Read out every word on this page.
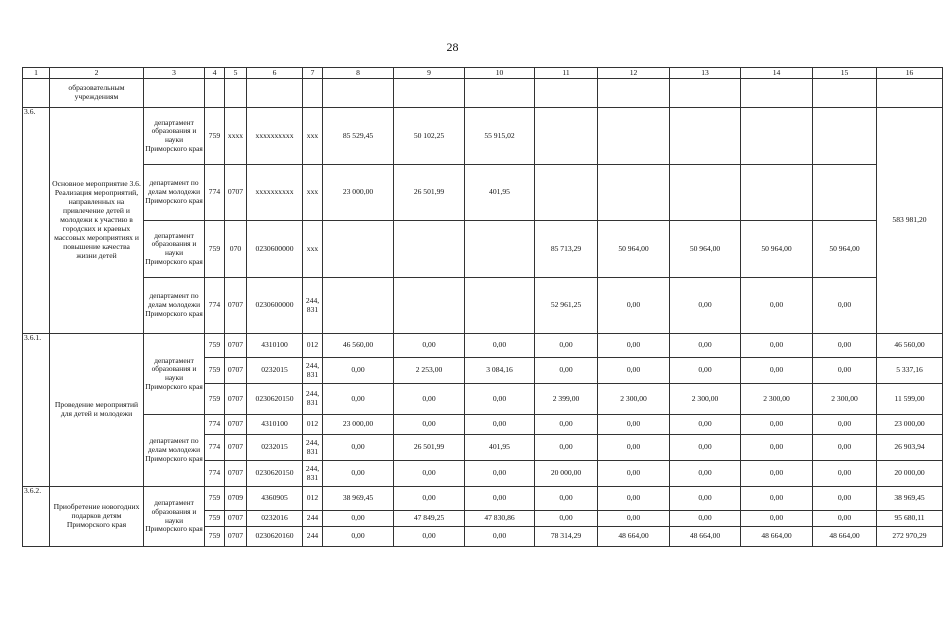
28
1	2	3	4	5	6	7	8	9	10	11	12	13	14	15	16
	образовательным учреждениям														
3.6.	Основное мероприятие 3.6. Реализация мероприятий, направленных на привлечение детей и молодежи к участию в городских и краевых массовых мероприятиях и повышение качества жизни детей	департамент образования и науки Приморского края	759	хххх	хххххххххх	ххх	85 529,45	50 102,25	55 915,02						583 981,20
		департамент по делам молодежи Приморского края	774	0707	хххххххххх	ххх	23 000,00	26 501,99	401,95						
		департамент образования и науки Приморского края	759	070	0230600000	ххх				85 713,29	50 964,00	50 964,00	50 964,00	50 964,00	
		департамент по делам молодежи Приморского края	774	0707	0230600000	244, 831				52 961,25	0,00	0,00	0,00	0,00	
3.6.1.	Проведение мероприятий для детей и молодежи	департамент образования и науки Приморского края	759	0707	4310100	012	46 560,00	0,00	0,00	0,00	0,00	0,00	0,00	0,00	46 560,00
			759	0707	0232015	244, 831	0,00	2 253,00	3 084,16	0,00	0,00	0,00	0,00	0,00	5 337,16
			759	0707	0230620150	244, 831	0,00	0,00	0,00	2 399,00	2 300,00	2 300,00	2 300,00	2 300,00	11 599,00
		департамент по делам молодежи Приморского края	774	0707	4310100	012	23 000,00	0,00	0,00	0,00	0,00	0,00	0,00	0,00	23 000,00
			774	0707	0232015	244, 831	0,00	26 501,99	401,95	0,00	0,00	0,00	0,00	0,00	26 903,94
			774	0707	0230620150	244, 831	0,00	0,00	0,00	20 000,00	0,00	0,00	0,00	0,00	20 000,00
3.6.2.	Приобретение новогодних подарков детям Приморского края	департамент образования и науки Приморского края	759	0709	4360905	012	38 969,45	0,00	0,00	0,00	0,00	0,00	0,00	0,00	38 969,45
			759	0707	0232016	244	0,00	47 849,25	47 830,86	0,00	0,00	0,00	0,00	0,00	95 680,11
			759	0707	0230620160	244	0,00	0,00	0,00	78 314,29	48 664,00	48 664,00	48 664,00	48 664,00	272 970,29
